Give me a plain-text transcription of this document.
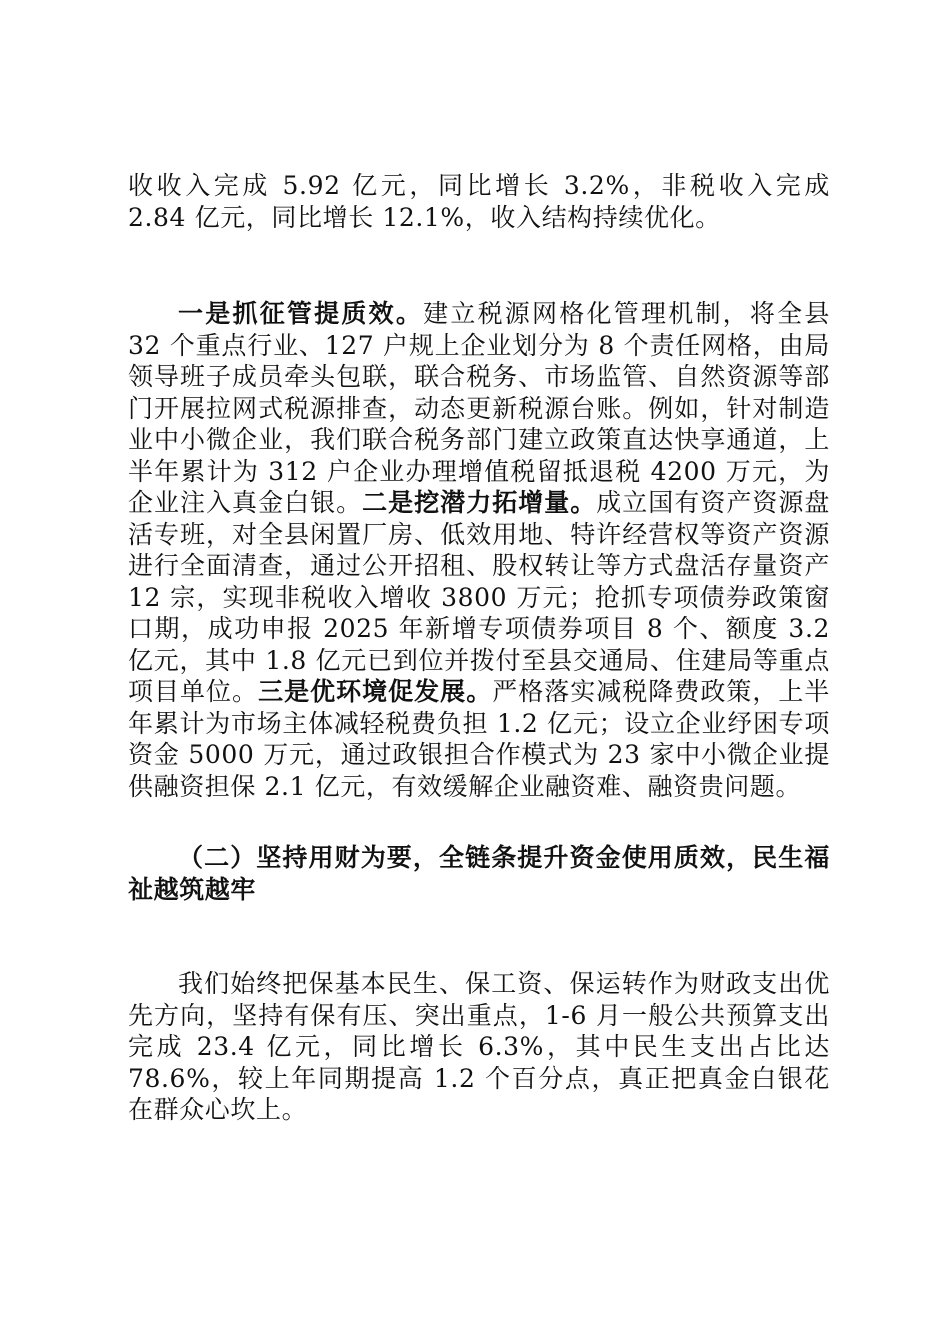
收收入完成 5.92 亿元，同比增长 3.2%，非税收入完成 2.84 亿元，同比增长 12.1%，收入结构持续优化。

一是抓征管提质效。建立税源网格化管理机制，将全县 32 个重点行业、127 户规上企业划分为 8 个责任网格，由局领导班子成员牵头包联，联合税务、市场监管、自然资源等部门开展拉网式税源排查，动态更新税源台账。例如，针对制造业中小微企业，我们联合税务部门建立政策直达快享通道，上半年累计为 312 户企业办理增值税留抵退税 4200 万元，为企业注入真金白银。二是挖潜力拓增量。成立国有资产资源盘活专班，对全县闲置厂房、低效用地、特许经营权等资产资源进行全面清查，通过公开招租、股权转让等方式盘活存量资产 12 宗，实现非税收入增收 3800 万元；抢抓专项债券政策窗口期，成功申报 2025 年新增专项债券项目 8 个、额度 3.2 亿元，其中 1.8 亿元已到位并拨付至县交通局、住建局等重点项目单位。三是优环境促发展。严格落实减税降费政策，上半年累计为市场主体减轻税费负担 1.2 亿元；设立企业纾困专项资金 5000 万元，通过政银担合作模式为 23 家中小微企业提供融资担保 2.1 亿元，有效缓解企业融资难、融资贵问题。

（二）坚持用财为要，全链条提升资金使用质效，民生福祉越筑越牢

我们始终把保基本民生、保工资、保运转作为财政支出优先方向，坚持有保有压、突出重点，1-6 月一般公共预算支出完成 23.4 亿元，同比增长 6.3%，其中民生支出占比达 78.6%，较上年同期提高 1.2 个百分点，真正把真金白银花在群众心坎上。
